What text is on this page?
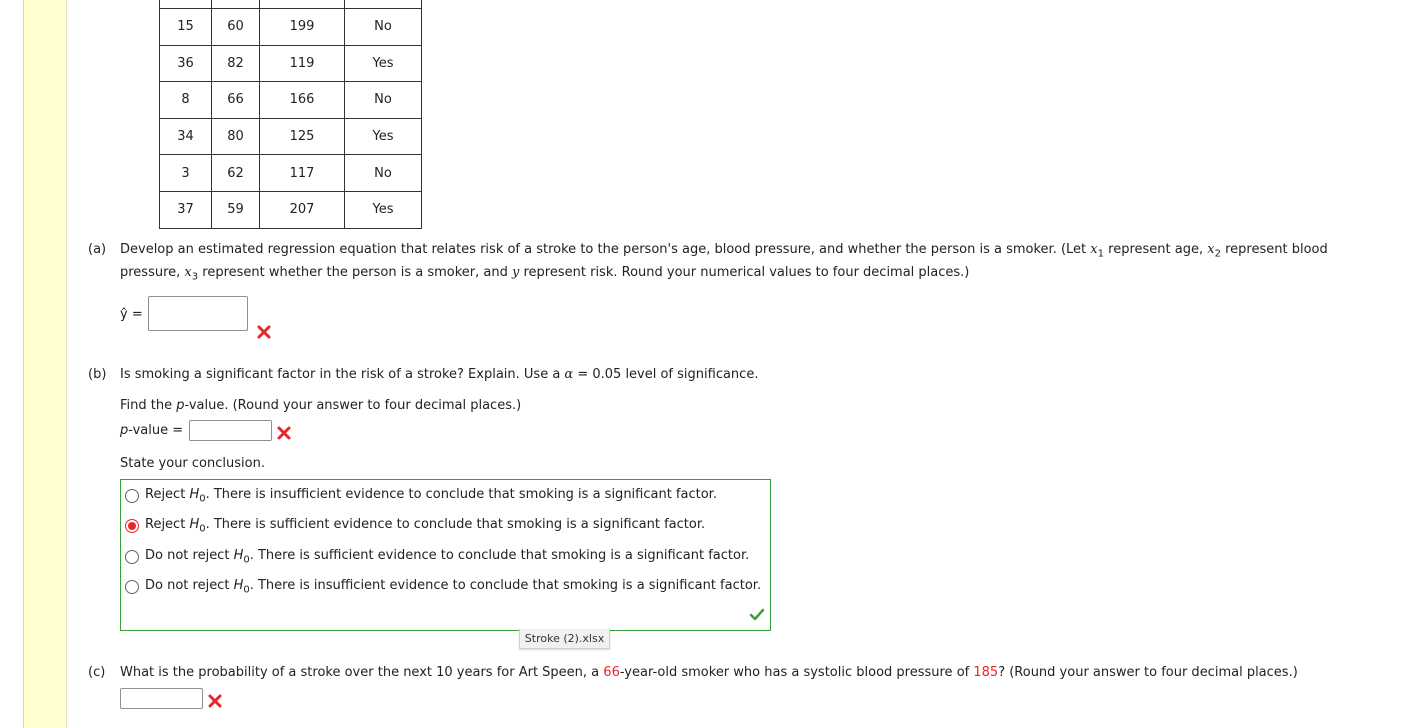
15	60	199	No
36	82	119	Yes
8	66	166	No
34	80	125	Yes
3	62	117	No
37	59	207	Yes
(a) Develop an estimated regression equation that relates risk of a stroke to the person's age, blood pressure, and whether the person is a smoker. (Let $x_1$ represent age, $x_2$ represent blood
pressure, $x_3$ represent whether the person is a smoker, and y represent risk. Round your numerical values to four decimal places.)
ŷ =
(b) Is smoking a significant factor in the risk of a stroke? Explain. Use a α = 0.05 level of significance.
Find the p-value. (Round your answer to four decimal places.)
p-value =
State your conclusion.
Reject $H_0$. There is insufficient evidence to conclude that smoking is a significant factor.
Reject $H_0$. There is sufficient evidence to conclude that smoking is a significant factor.
Do not reject $H_0$. There is sufficient evidence to conclude that smoking is a significant factor.
Do not reject $H_0$. There is insufficient evidence to conclude that smoking is a significant factor.
Stroke (2).xlsx
(c) What is the probability of a stroke over the next 10 years for Art Speen, a 66-year-old smoker who has a systolic blood pressure of 185? (Round your answer to four decimal places.)
